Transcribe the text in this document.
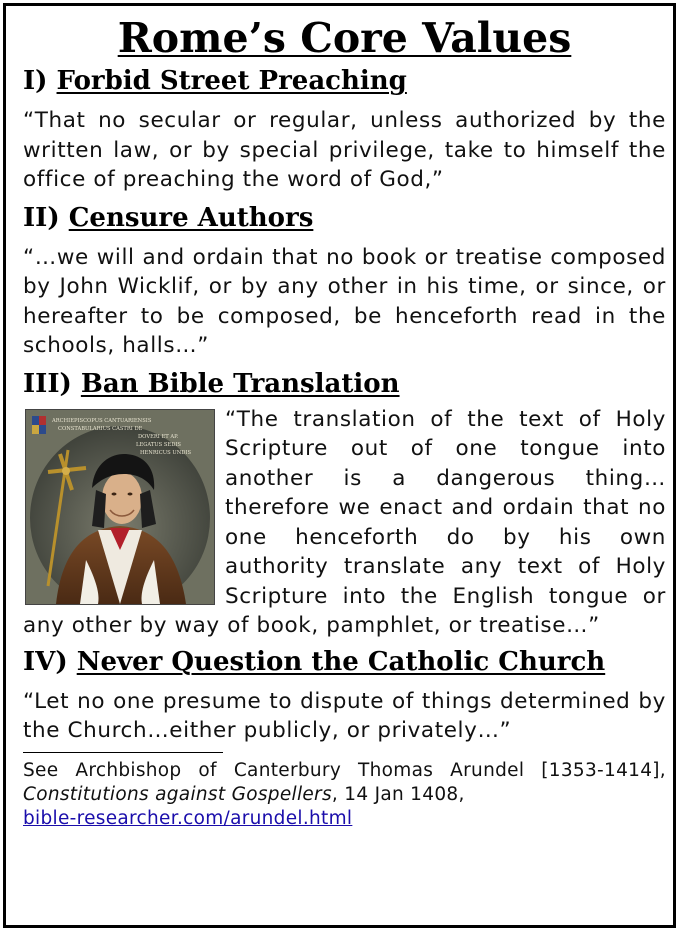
Rome’s Core Values

I) Forbid Street Preaching

“That no secular or regular, unless authorized by the written law, or by special privilege, take to himself the office of preaching the word of God,”

II) Censure Authors

“…we will and ordain that no book or treatise composed by John Wicklif, or by any other in his time, or since, or hereafter to be composed, be henceforth read in the schools, halls…”

III) Ban Bible Translation

ARCHIEPISCOPUS CANTUARIENSIS
CONSTABULARIUS CASTRI DE
DOVERI ET AP.
LEGATUS SEDIS
HENRICUS UNDIS

“The translation of the text of Holy Scripture out of one tongue into another is a dangerous thing…therefore we enact and ordain that no one henceforth do by his own authority translate any text of Holy Scripture into the English tongue or any other by way of book, pamphlet, or treatise…”

IV) Never Question the Catholic Church

“Let no one presume to dispute of things determined by the Church…either publicly, or privately…”

See Archbishop of Canterbury Thomas Arundel [1353-1414], Constitutions against Gospellers, 14 Jan 1408,
bible-researcher.com/arundel.html
